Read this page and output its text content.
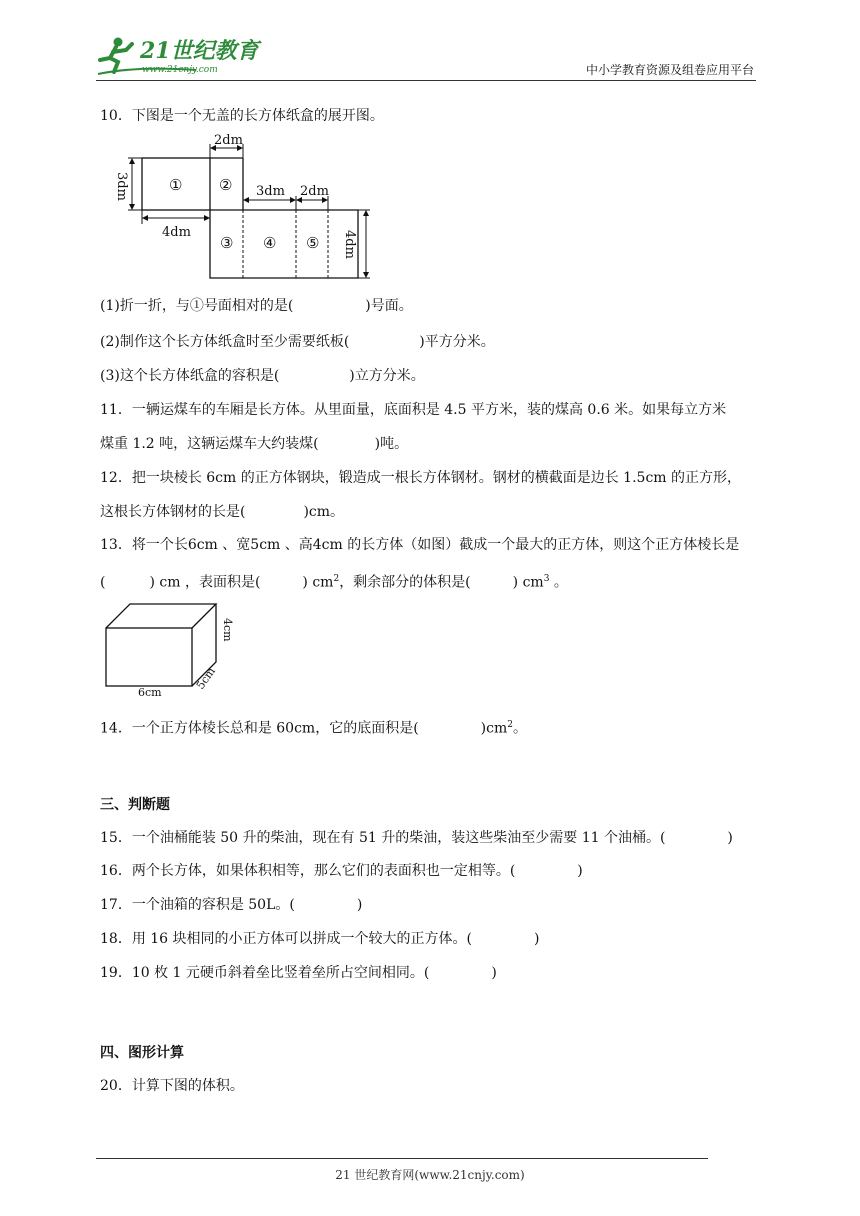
21世纪教育
www.21cnjy.com	中小学教育资源及组卷应用平台
10．下图是一个无盖的长方体纸盒的展开图。
2dm
3dm
4dm
3dm 2dm
4dm
① ②
③ ④ ⑤
(1)折一折，与①号面相对的是(	)号面。
(2)制作这个长方体纸盒时至少需要纸板(	)平方分米。
(3)这个长方体纸盒的容积是(	)立方分米。
11．一辆运煤车的车厢是长方体。从里面量，底面积是 4.5 平方米，装的煤高 0.6 米。如果每立方米
煤重 1.2 吨，这辆运煤车大约装煤(	)吨。
12．把一块棱长 6cm 的正方体钢块，锻造成一根长方体钢材。钢材的横截面是边长 1.5cm 的正方形，
这根长方体钢材的长是(	)cm。
13．将一个长6cm 、宽5cm 、高4cm 的长方体（如图）截成一个最大的正方体，则这个正方体棱长是
(	) cm ，表面积是(	) $cm^2$，剩余部分的体积是(	) $cm^3$ 。
6cm
4cm
5cm
14．一个正方体棱长总和是 60cm，它的底面积是(	)$cm^2$。
三、判断题
15．一个油桶能装 50 升的柴油，现在有 51 升的柴油，装这些柴油至少需要 11 个油桶。(	)
16．两个长方体，如果体积相等，那么它们的表面积也一定相等。(	)
17．一个油箱的容积是 50L。(	)
18．用 16 块相同的小正方体可以拼成一个较大的正方体。(	)
19．10 枚 1 元硬币斜着垒比竖着垒所占空间相同。(	)
四、图形计算
20．计算下图的体积。
21 世纪教育网(www.21cnjy.com)
